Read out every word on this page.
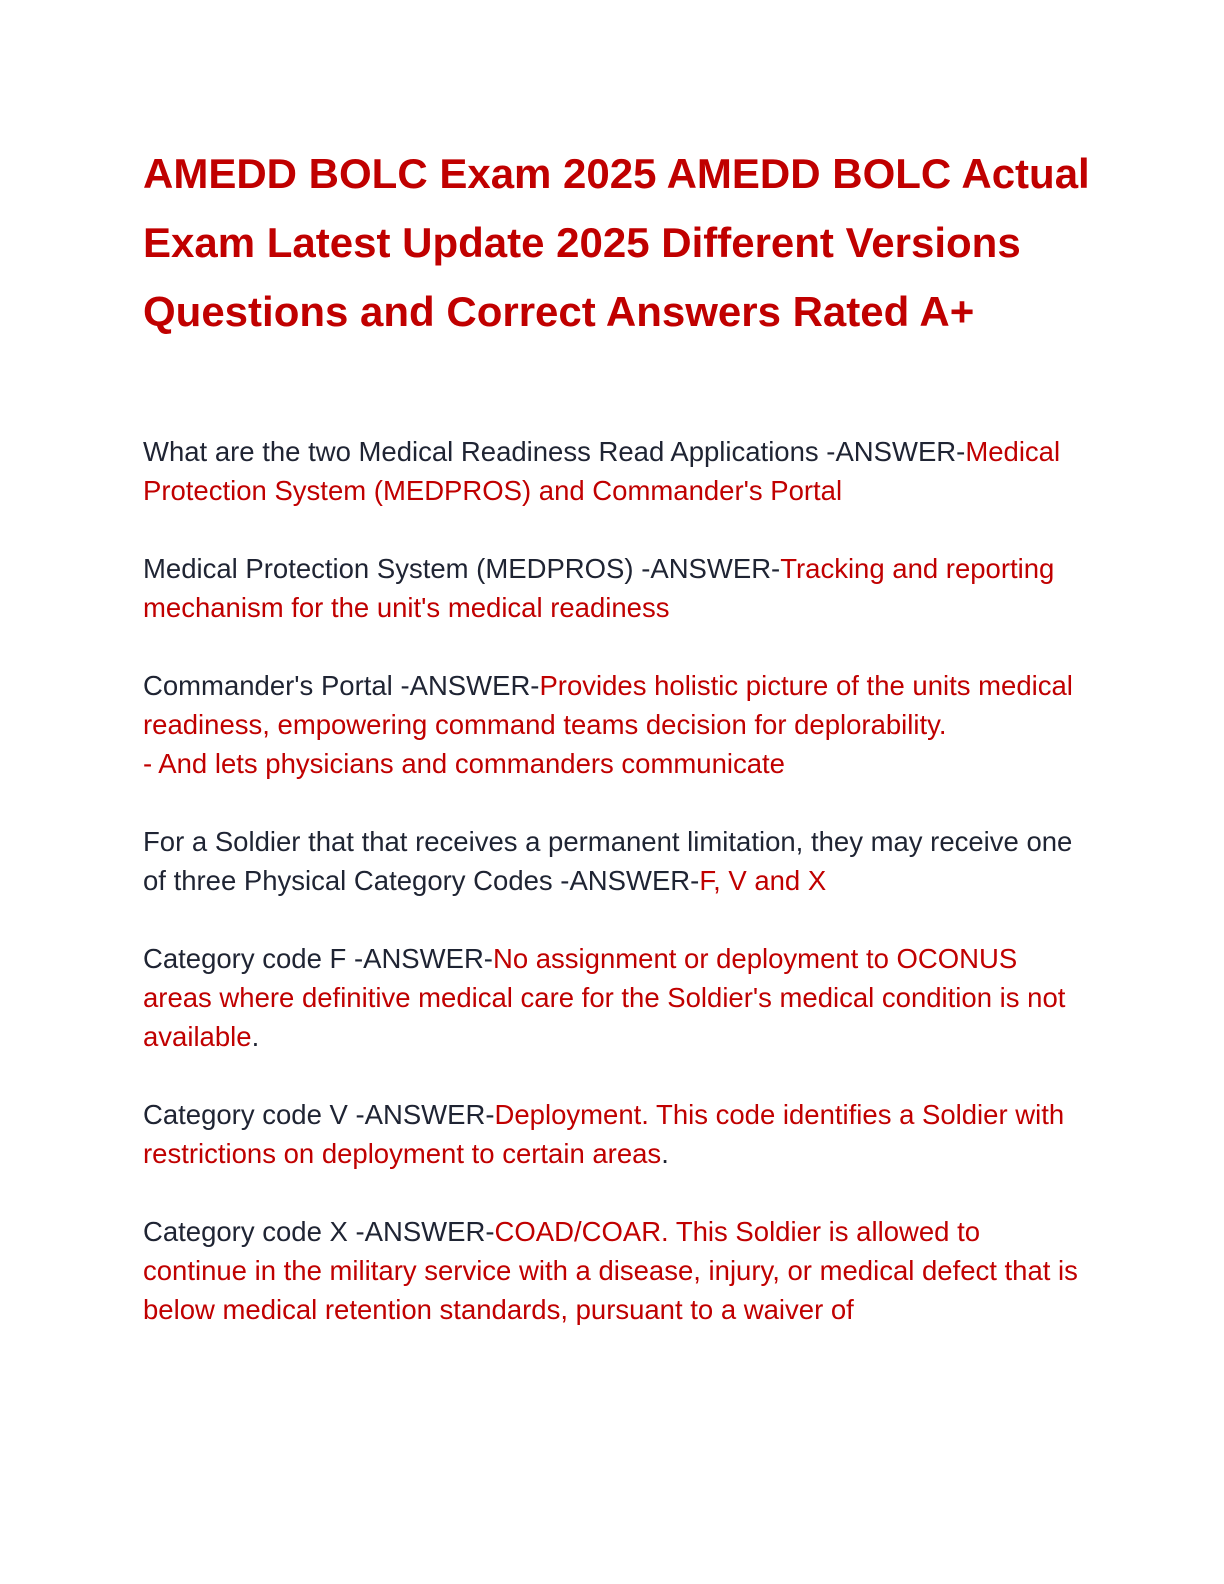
AMEDD BOLC Exam 2025 AMEDD BOLC Actual Exam Latest Update 2025 Different Versions Questions and Correct Answers Rated A+

What are the two Medical Readiness Read Applications -ANSWER-Medical Protection System (MEDPROS) and Commander's Portal

Medical Protection System (MEDPROS) -ANSWER-Tracking and reporting mechanism for the unit's medical readiness

Commander's Portal -ANSWER-Provides holistic picture of the units medical readiness, empowering command teams decision for deplorability.
- And lets physicians and commanders communicate

For a Soldier that that receives a permanent limitation, they may receive one of three Physical Category Codes -ANSWER-F, V and X

Category code F -ANSWER-No assignment or deployment to OCONUS areas where definitive medical care for the Soldier's medical condition is not available.

Category code V -ANSWER-Deployment. This code identifies a Soldier with restrictions on deployment to certain areas.

Category code X -ANSWER-COAD/COAR. This Soldier is allowed to continue in the military service with a disease, injury, or medical defect that is below medical retention standards, pursuant to a waiver of
